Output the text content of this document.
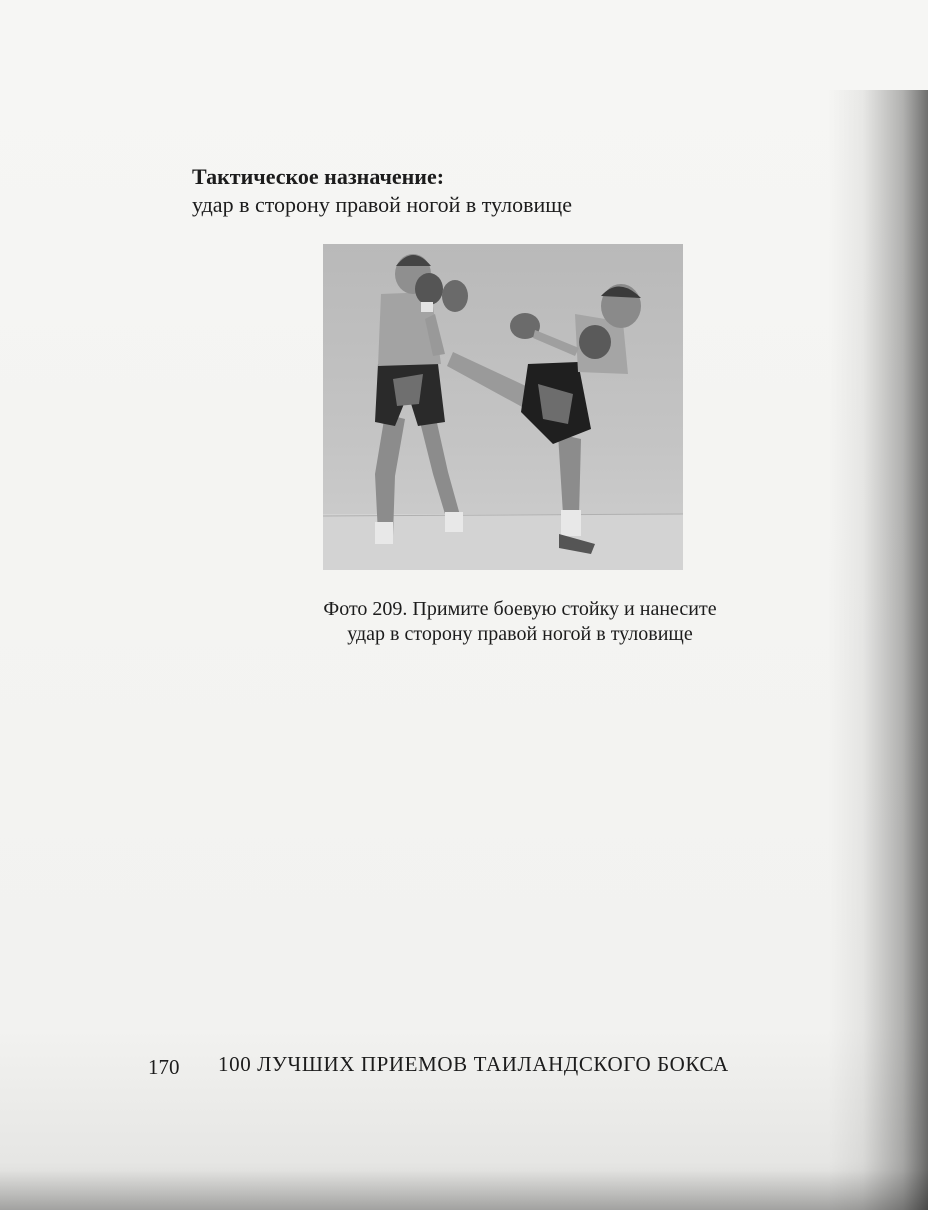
Тактическое назначение:
удар в сторону правой ногой в туловище
Фото 209. Примите боевую стойку и нанесите
удар в сторону правой ногой в туловище
170 100 ЛУЧШИХ ПРИЕМОВ ТАИЛАНДСКОГО БОКСА
